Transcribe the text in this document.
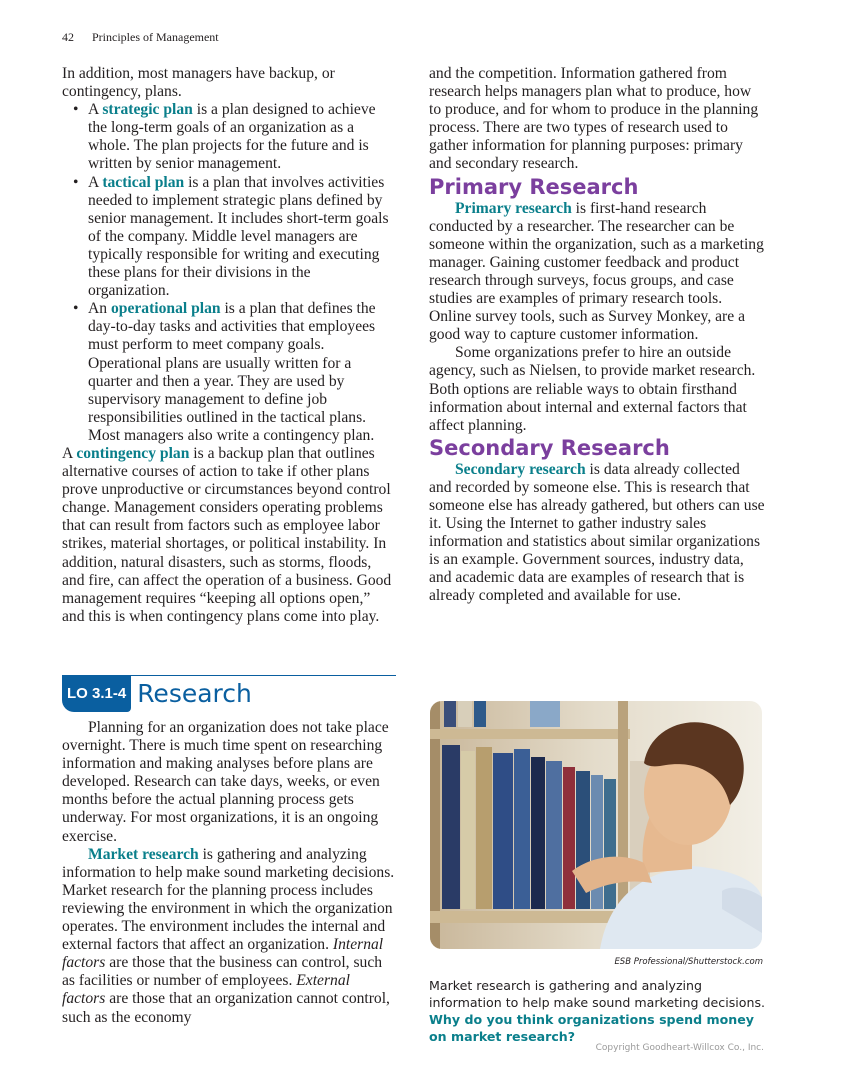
42 Principles of Management

In addition, most managers have backup, or contingency, plans.

• A strategic plan is a plan designed to achieve the long-term goals of an organization as a whole. The plan projects for the future and is written by senior management.
• A tactical plan is a plan that involves activities needed to implement strategic plans defined by senior management. It includes short-term goals of the company. Middle level managers are typically responsible for writing and executing these plans for their divisions in the organization.
• An operational plan is a plan that defines the day-to-day tasks and activities that employees must perform to meet company goals. Operational plans are usually written for a quarter and then a year. They are used by supervisory management to define job responsibilities outlined in the tactical plans.

Most managers also write a contingency plan.

A contingency plan is a backup plan that outlines alternative courses of action to take if other plans prove unproductive or circumstances beyond control change. Management considers operating problems that can result from factors such as employee labor strikes, material shortages, or political instability. In addition, natural disasters, such as storms, floods, and fire, can affect the operation of a business. Good management requires “keeping all options open,” and this is when contingency plans come into play.

LO 3.1-4 Research

Planning for an organization does not take place overnight. There is much time spent on researching information and making analyses before plans are developed. Research can take days, weeks, or even months before the actual planning process gets underway. For most organizations, it is an ongoing exercise.

Market research is gathering and analyzing information to help make sound marketing decisions. Market research for the planning process includes reviewing the environment in which the organization operates. The environment includes the internal and external factors that affect an organization. Internal factors are those that the business can control, such as facilities or number of employees. External factors are those that an organization cannot control, such as the economy

and the competition. Information gathered from research helps managers plan what to produce, how to produce, and for whom to produce in the planning process. There are two types of research used to gather information for planning purposes: primary and secondary research.

Primary Research

Primary research is first-hand research conducted by a researcher. The researcher can be someone within the organization, such as a marketing manager. Gaining customer feedback and product research through surveys, focus groups, and case studies are examples of primary research tools. Online survey tools, such as Survey Monkey, are a good way to capture customer information.

Some organizations prefer to hire an outside agency, such as Nielsen, to provide market research. Both options are reliable ways to obtain firsthand information about internal and external factors that affect planning.

Secondary Research

Secondary research is data already collected and recorded by someone else. This is research that someone else has already gathered, but others can use it. Using the Internet to gather industry sales information and statistics about similar organizations is an example. Government sources, industry data, and academic data are examples of research that is already completed and available for use.

ESB Professional/Shutterstock.com
Market research is gathering and analyzing information to help make sound marketing decisions. Why do you think organizations spend money on market research?
Copyright Goodheart-Willcox Co., Inc.
